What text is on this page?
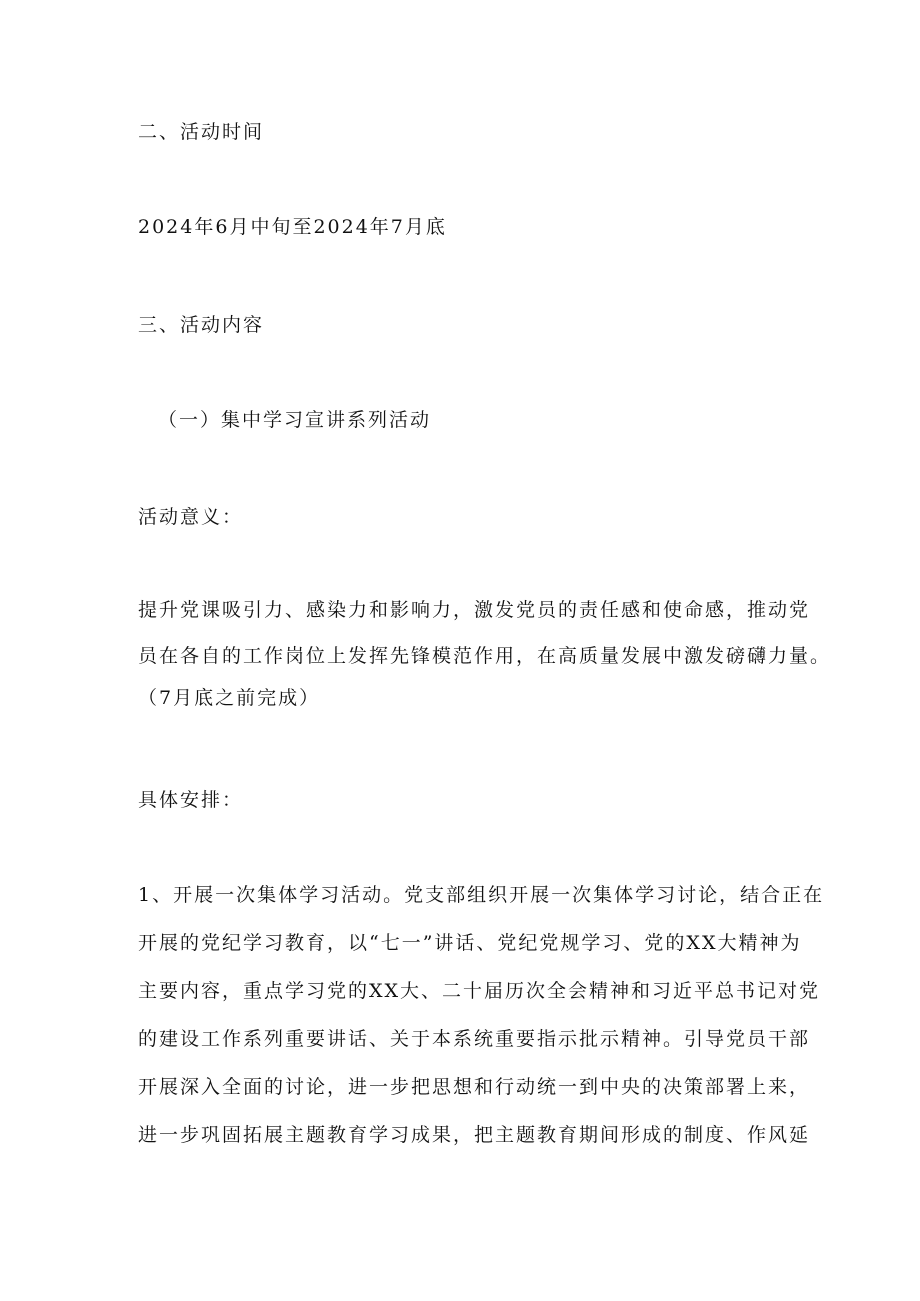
二、活动时间
2024年6月中旬至2024年7月底
三、活动内容
（一）集中学习宣讲系列活动
活动意义：
提升党课吸引力、感染力和影响力，激发党员的责任感和使命感，推动党
员在各自的工作岗位上发挥先锋模范作用，在高质量发展中激发磅礴力量。
（7月底之前完成）
具体安排：
1、开展一次集体学习活动。党支部组织开展一次集体学习讨论，结合正在
开展的党纪学习教育，以“七一”讲话、党纪党规学习、党的XX大精神为
主要内容，重点学习党的XX大、二十届历次全会精神和习近平总书记对党
的建设工作系列重要讲话、关于本系统重要指示批示精神。引导党员干部
开展深入全面的讨论，进一步把思想和行动统一到中央的决策部署上来，
进一步巩固拓展主题教育学习成果，把主题教育期间形成的制度、作风延
